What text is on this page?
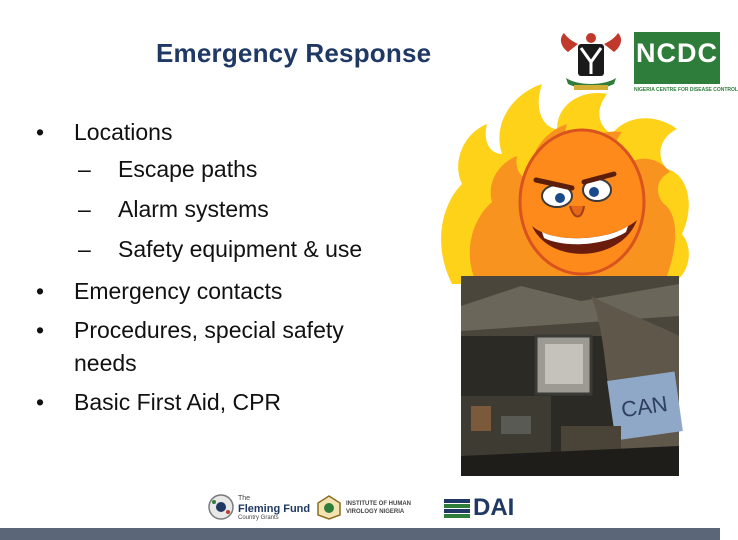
Emergency Response	NCDC
NIGERIA CENTRE FOR DISEASE CONTROL
• Locations
– Escape paths
– Alarm systems
– Safety equipment & use
• Emergency contacts
• Procedures, special safety needs
• Basic First Aid, CPR	CAN
The
Fleming Fund
Country Grants
INSTITUTE OF HUMAN
VIROLOGY NIGERIA	DAI
